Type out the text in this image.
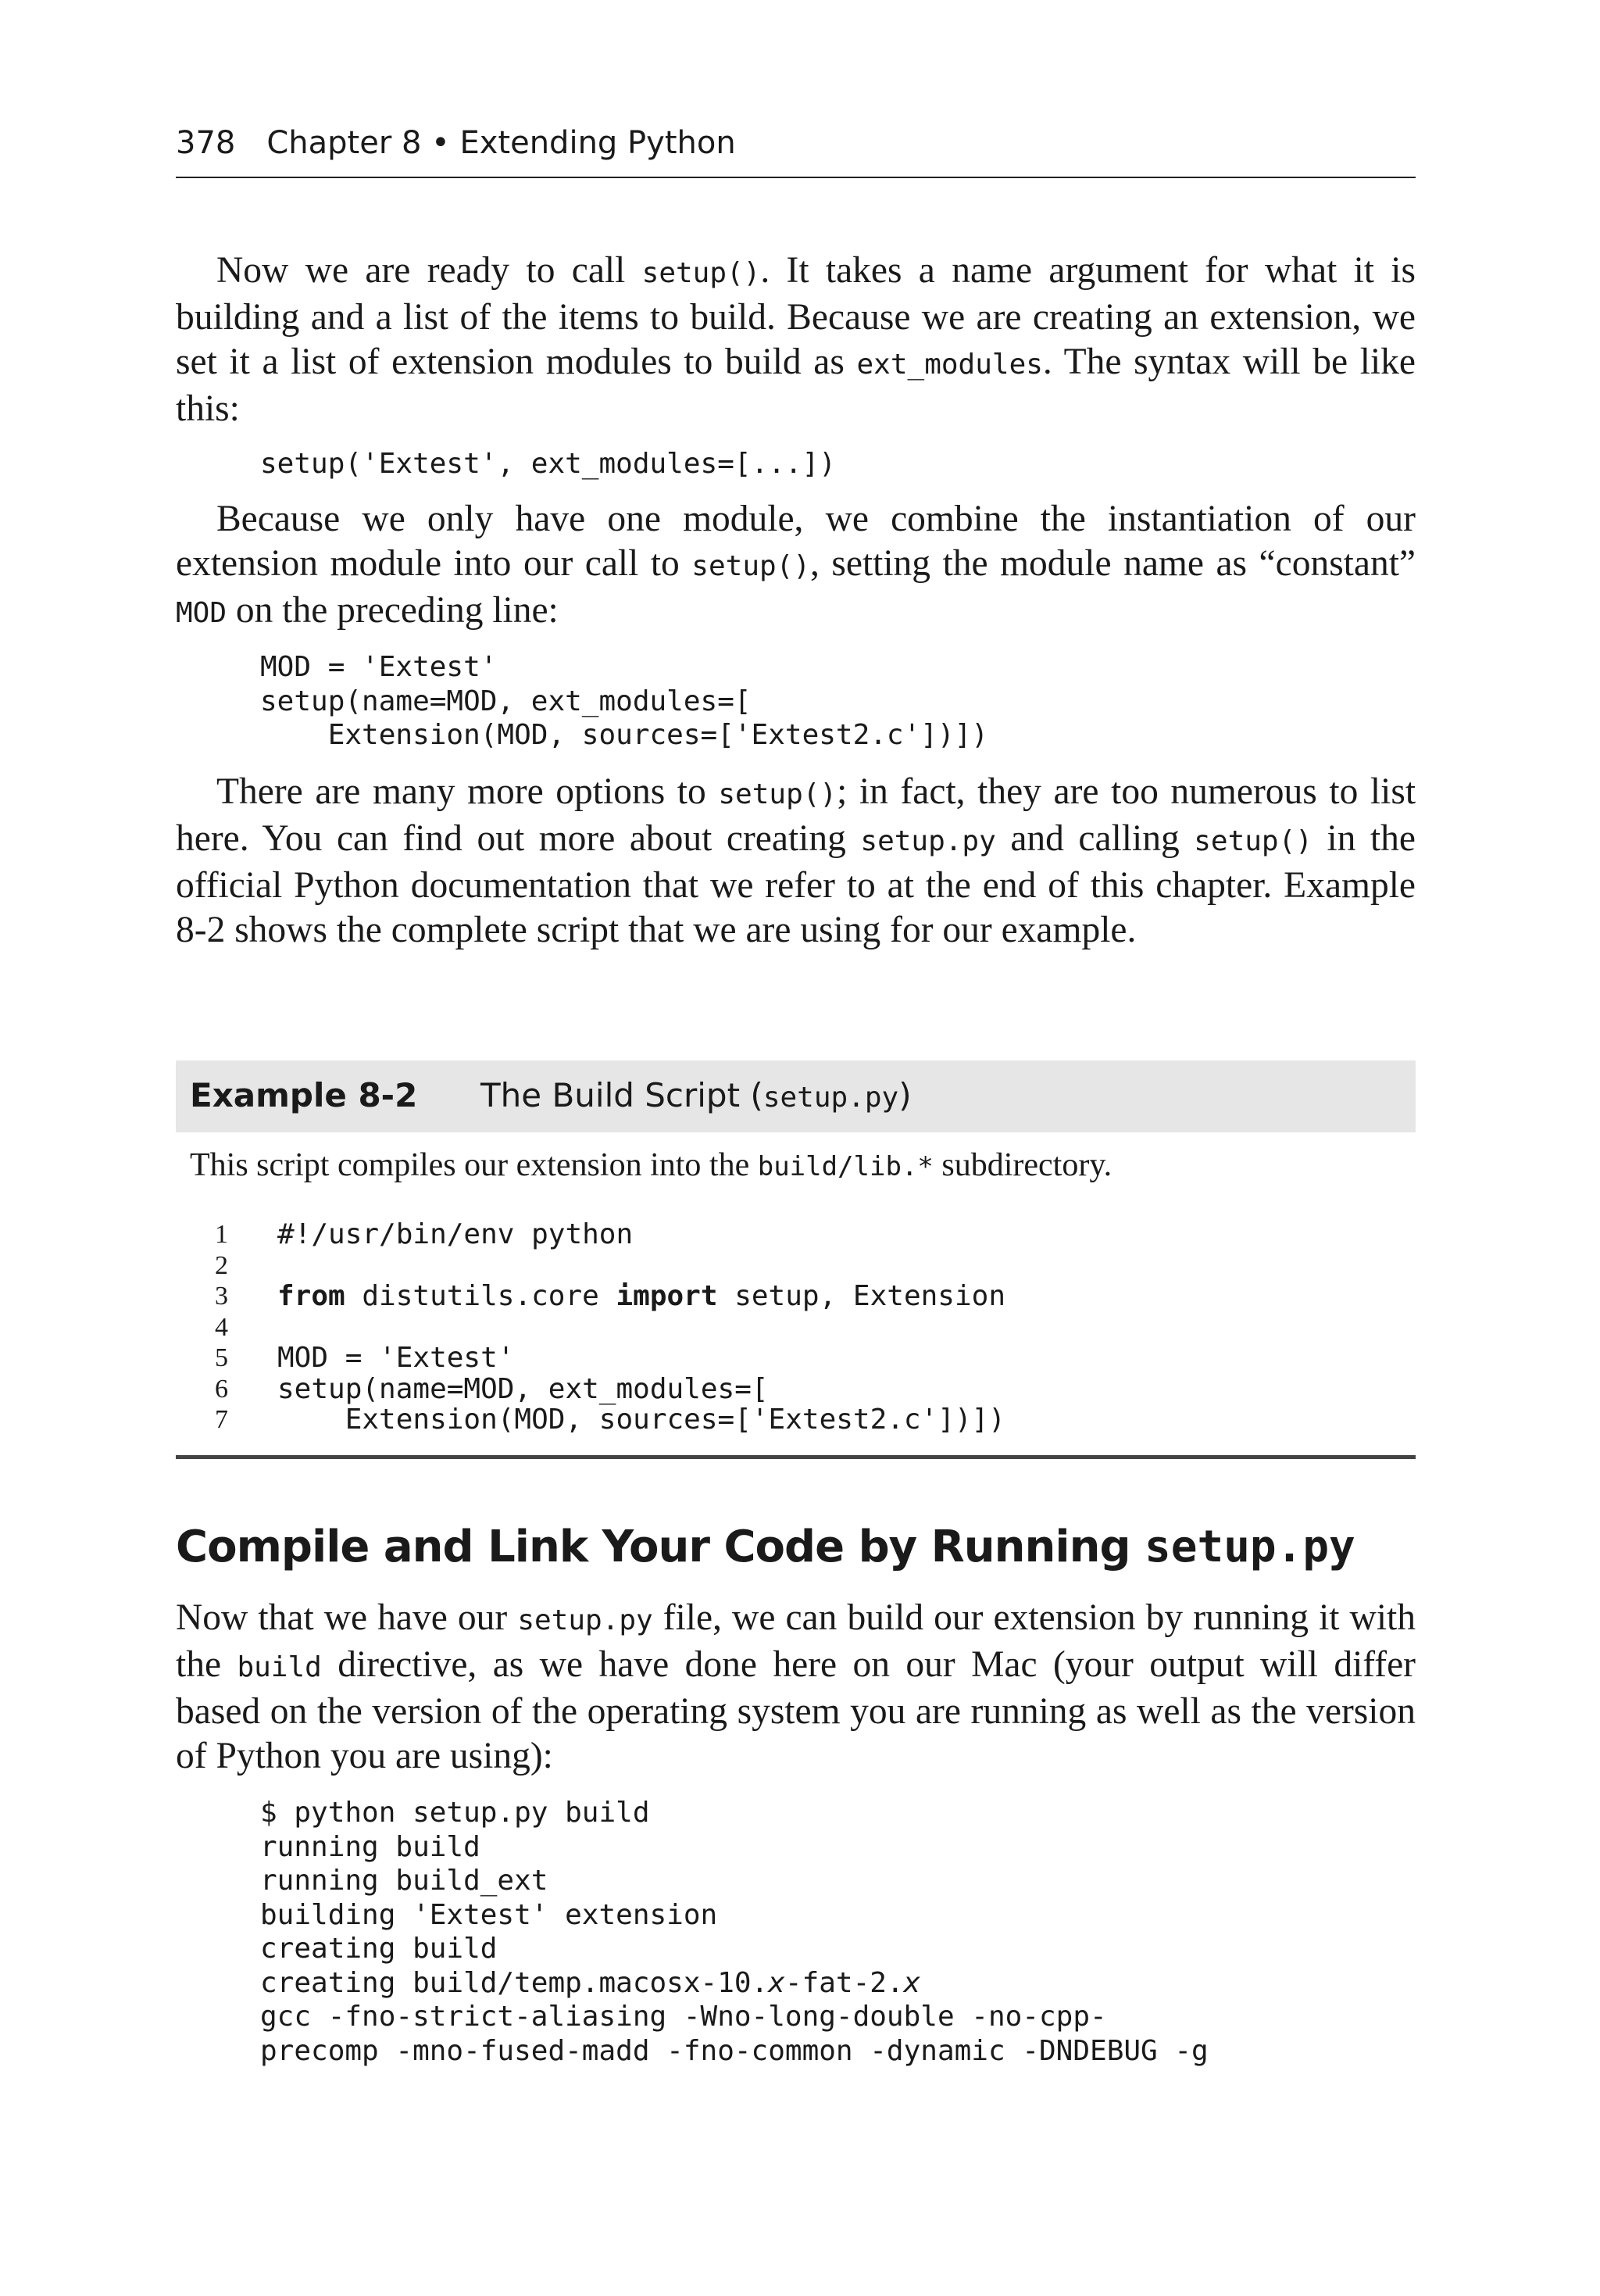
378 Chapter 8 • Extending Python

Now we are ready to call setup(). It takes a name argument for what it is building and a list of the items to build. Because we are creating an extension, we set it a list of extension modules to build as ext_modules. The syntax will be like this:

setup('Extest', ext_modules=[...])

Because we only have one module, we combine the instantiation of our extension module into our call to setup(), setting the module name as “constant” MOD on the preceding line:

MOD = 'Extest'
setup(name=MOD, ext_modules=[
Extension(MOD, sources=['Extest2.c'])])

There are many more options to setup(); in fact, they are too numerous to list here. You can find out more about creating setup.py and calling setup() in the official Python documentation that we refer to at the end of this chapter. Example 8-2 shows the complete script that we are using for our example.

Example 8-2 The Build Script (setup.py)
This script compiles our extension into the build/lib.* subdirectory.
1	#!/usr/bin/env python
2
3	from distutils.core import setup, Extension
4
5	MOD = 'Extest'
6	setup(name=MOD, ext_modules=[
7	Extension(MOD, sources=['Extest2.c'])])
Compile and Link Your Code by Running setup.py

Now that we have our setup.py file, we can build our extension by running it with the build directive, as we have done here on our Mac (your output will differ based on the version of the operating system you are running as well as the version of Python you are using):

$ python setup.py build
running build
running build_ext
building 'Extest' extension
creating build
creating build/temp.macosx-10.x-fat-2.x
gcc -fno-strict-aliasing -Wno-long-double -no-cpp-
precomp -mno-fused-madd -fno-common -dynamic -DNDEBUG -g
